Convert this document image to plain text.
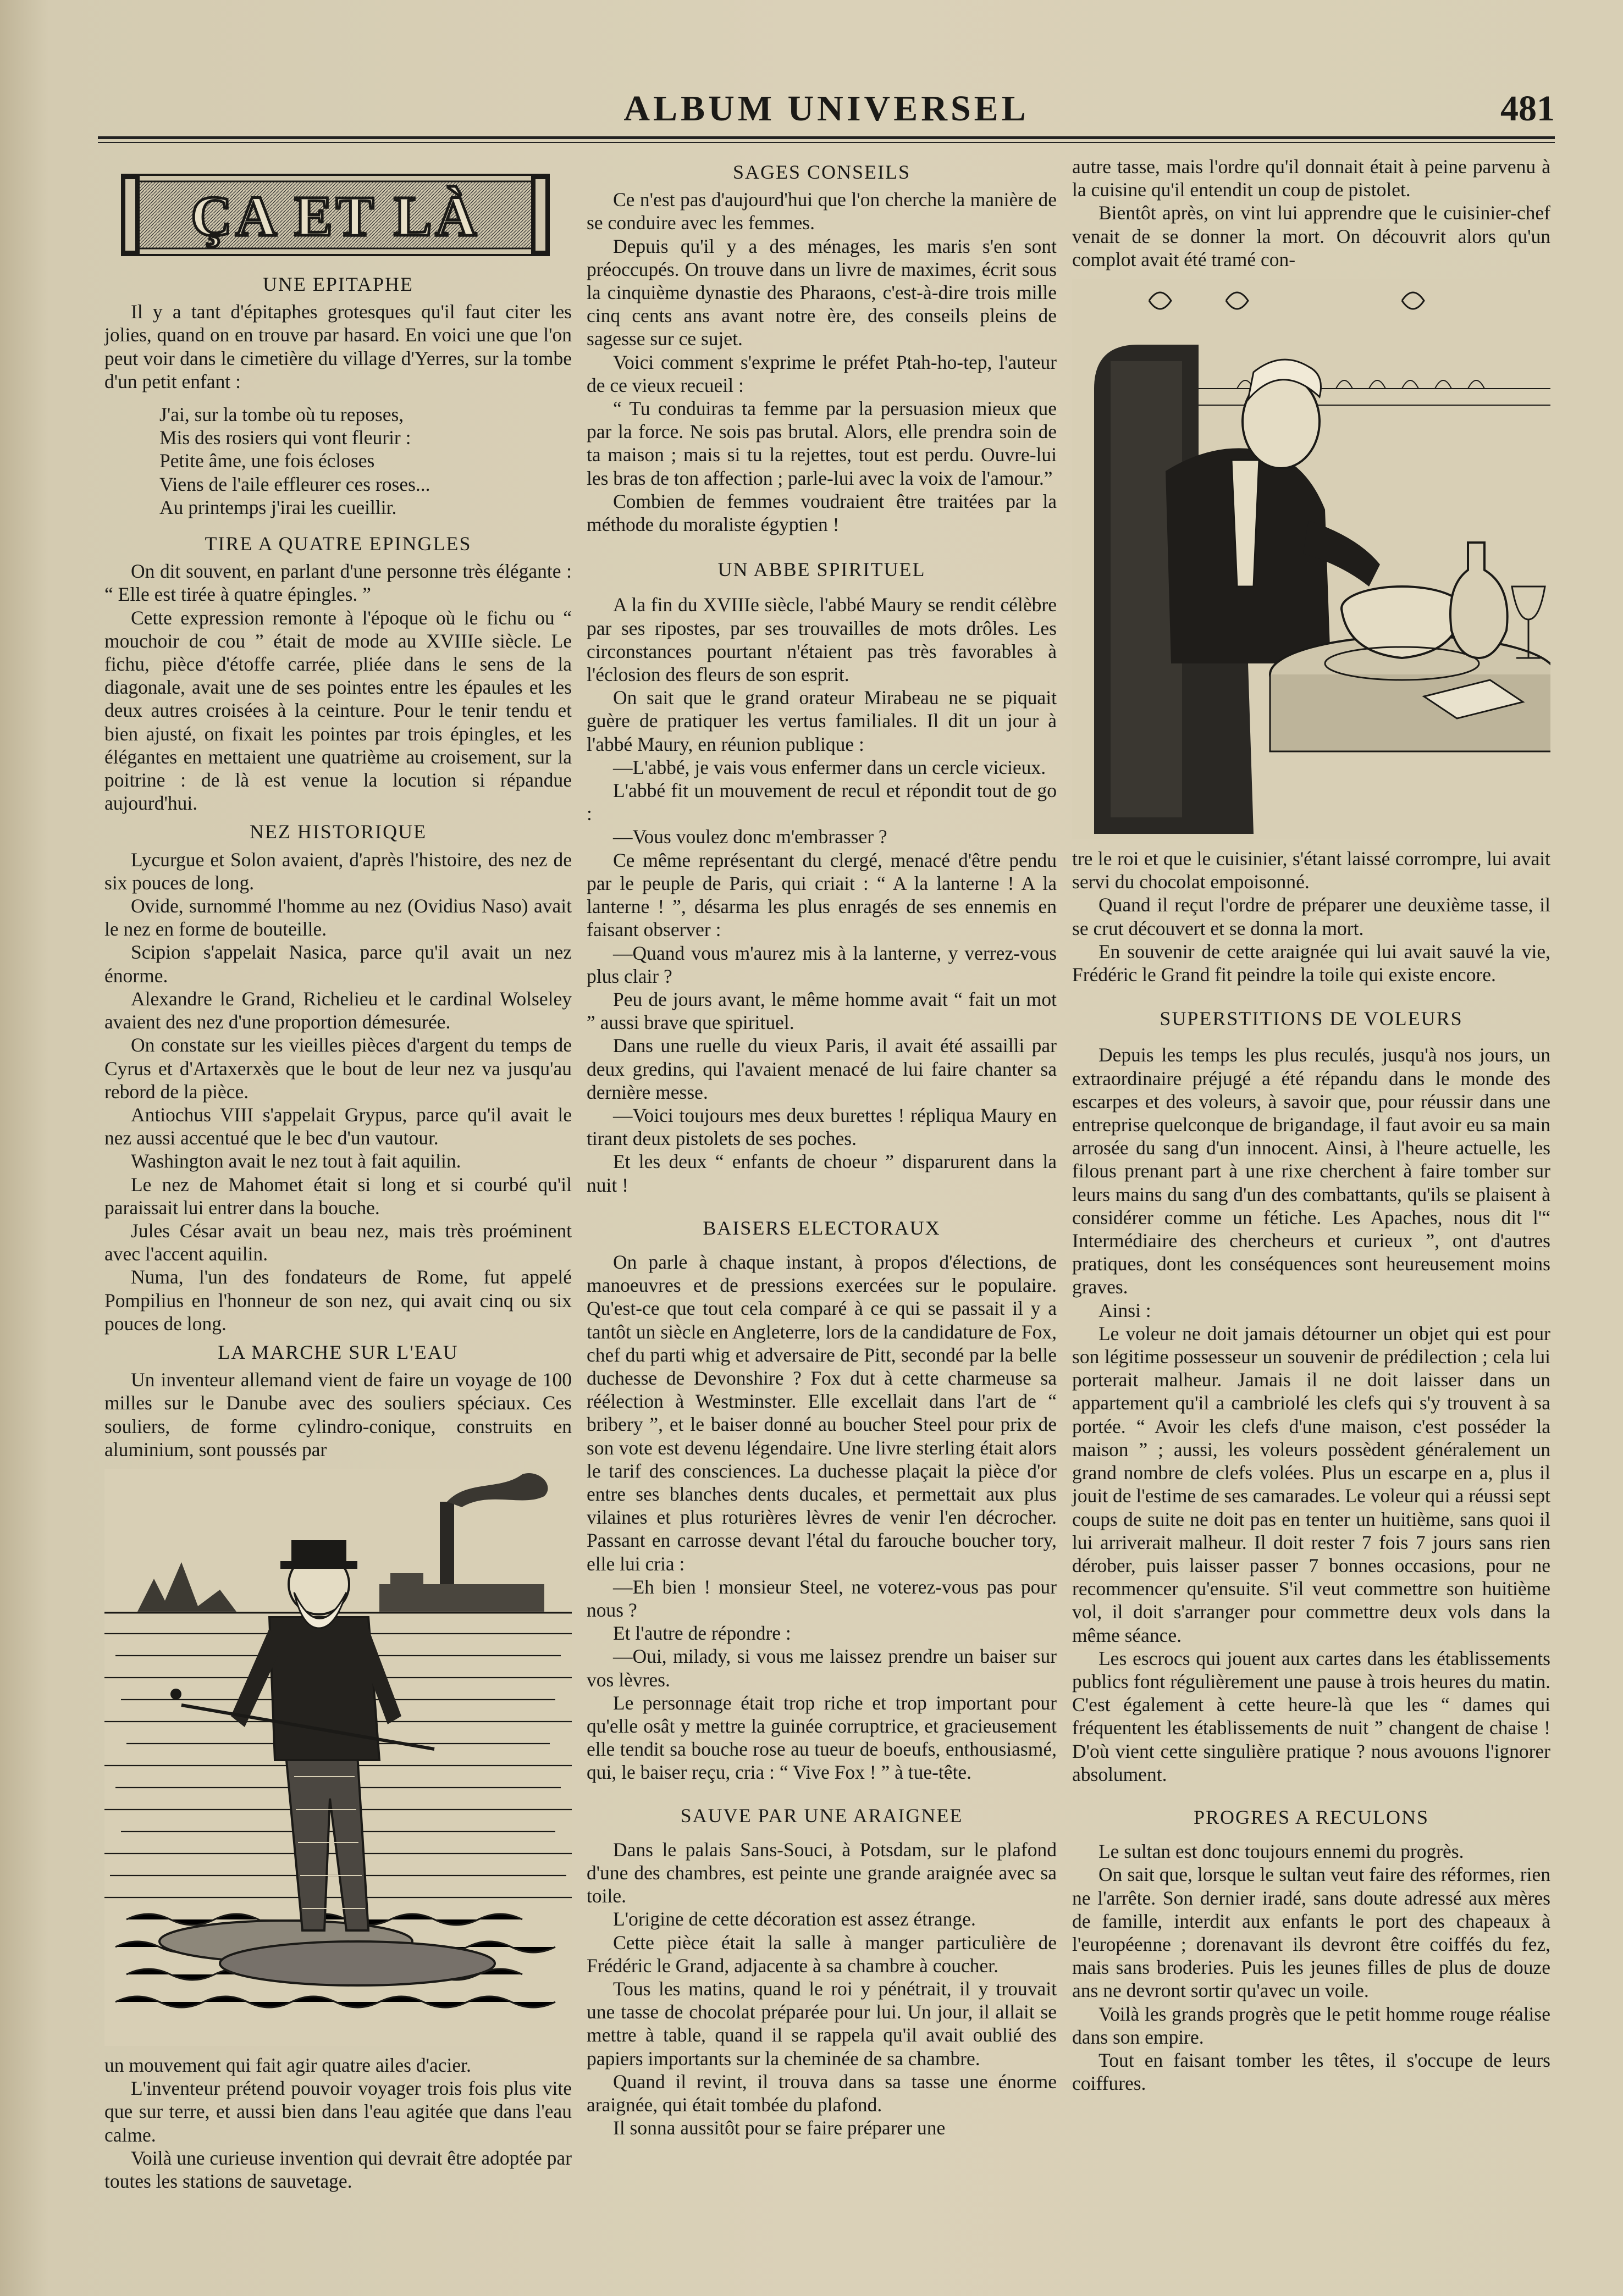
ALBUM UNIVERSEL	481
ÇA ET LÀ
UNE EPITAPHE

Il y a tant d'épitaphes grotesques qu'il faut citer les jolies, quand on en trouve par hasard. En voici une que l'on peut voir dans le cimetière du village d'Yerres, sur la tombe d'un petit enfant :

J'ai, sur la tombe où tu reposes,

Mis des rosiers qui vont fleurir :

Petite âme, une fois écloses

Viens de l'aile effleurer ces roses...

Au printemps j'irai les cueillir.

TIRE A QUATRE EPINGLES

On dit souvent, en parlant d'une personne très élégante : “ Elle est tirée à quatre épingles. ”

Cette expression remonte à l'époque où le fichu ou “ mouchoir de cou ” était de mode au XVIIIe siècle. Le fichu, pièce d'étoffe carrée, pliée dans le sens de la diagonale, avait une de ses pointes entre les épaules et les deux autres croisées à la ceinture. Pour le tenir tendu et bien ajusté, on fixait les pointes par trois épingles, et les élégantes en mettaient une quatrième au croisement, sur la poitrine : de là est venue la locution si répandue aujourd'hui.

NEZ HISTORIQUE

Lycurgue et Solon avaient, d'après l'histoire, des nez de six pouces de long.

Ovide, surnommé l'homme au nez (Ovidius Naso) avait le nez en forme de bouteille.

Scipion s'appelait Nasica, parce qu'il avait un nez énorme.

Alexandre le Grand, Richelieu et le cardinal Wolseley avaient des nez d'une proportion démesurée.

On constate sur les vieilles pièces d'argent du temps de Cyrus et d'Artaxerxès que le bout de leur nez va jusqu'au rebord de la pièce.

Antiochus VIII s'appelait Grypus, parce qu'il avait le nez aussi accentué que le bec d'un vautour.

Washington avait le nez tout à fait aquilin.

Le nez de Mahomet était si long et si courbé qu'il paraissait lui entrer dans la bouche.

Jules César avait un beau nez, mais très proéminent avec l'accent aquilin.

Numa, l'un des fondateurs de Rome, fut appelé Pompilius en l'honneur de son nez, qui avait cinq ou six pouces de long.

LA MARCHE SUR L'EAU

Un inventeur allemand vient de faire un voyage de 100 milles sur le Danube avec des souliers spéciaux. Ces souliers, de forme cylindro-conique, construits en aluminium, sont poussés par

un mouvement qui fait agir quatre ailes d'acier.

L'inventeur prétend pouvoir voyager trois fois plus vite que sur terre, et aussi bien dans l'eau agitée que dans l'eau calme.

Voilà une curieuse invention qui devrait être adoptée par toutes les stations de sauvetage.

SAGES CONSEILS

Ce n'est pas d'aujourd'hui que l'on cherche la manière de se conduire avec les femmes.

Depuis qu'il y a des ménages, les maris s'en sont préoccupés. On trouve dans un livre de maximes, écrit sous la cinquième dynastie des Pharaons, c'est-à-dire trois mille cinq cents ans avant notre ère, des conseils pleins de sagesse sur ce sujet.

Voici comment s'exprime le préfet Ptah-ho-tep, l'auteur de ce vieux recueil :

“ Tu conduiras ta femme par la persuasion mieux que par la force. Ne sois pas brutal. Alors, elle prendra soin de ta maison ; mais si tu la rejettes, tout est perdu. Ouvre-lui les bras de ton affection ; parle-lui avec la voix de l'amour.”

Combien de femmes voudraient être traitées par la méthode du moraliste égyptien !

UN ABBE SPIRITUEL

A la fin du XVIIIe siècle, l'abbé Maury se rendit célèbre par ses ripostes, par ses trouvailles de mots drôles. Les circonstances pourtant n'étaient pas très favorables à l'éclosion des fleurs de son esprit.

On sait que le grand orateur Mirabeau ne se piquait guère de pratiquer les vertus familiales. Il dit un jour à l'abbé Maury, en réunion publique :

—L'abbé, je vais vous enfermer dans un cercle vicieux.

L'abbé fit un mouvement de recul et répondit tout de go :

—Vous voulez donc m'embrasser ?

Ce même représentant du clergé, menacé d'être pendu par le peuple de Paris, qui criait : “ A la lanterne ! A la lanterne ! ”, désarma les plus enragés de ses ennemis en faisant observer :

—Quand vous m'aurez mis à la lanterne, y verrez-vous plus clair ?

Peu de jours avant, le même homme avait “ fait un mot ” aussi brave que spirituel.

Dans une ruelle du vieux Paris, il avait été assailli par deux gredins, qui l'avaient menacé de lui faire chanter sa dernière messe.

—Voici toujours mes deux burettes ! répliqua Maury en tirant deux pistolets de ses poches.

Et les deux “ enfants de choeur ” disparurent dans la nuit !

BAISERS ELECTORAUX

On parle à chaque instant, à propos d'élections, de manoeuvres et de pressions exercées sur le populaire. Qu'est-ce que tout cela comparé à ce qui se passait il y a tantôt un siècle en Angleterre, lors de la candidature de Fox, chef du parti whig et adversaire de Pitt, secondé par la belle duchesse de Devonshire ? Fox dut à cette charmeuse sa réélection à Westminster. Elle excellait dans l'art de “ bribery ”, et le baiser donné au boucher Steel pour prix de son vote est devenu légendaire. Une livre sterling était alors le tarif des consciences. La duchesse plaçait la pièce d'or entre ses blanches dents ducales, et permettait aux plus vilaines et plus roturières lèvres de venir l'en décrocher. Passant en carrosse devant l'étal du farouche boucher tory, elle lui cria :

—Eh bien ! monsieur Steel, ne voterez-vous pas pour nous ?

Et l'autre de répondre :

—Oui, milady, si vous me laissez prendre un baiser sur vos lèvres.

Le personnage était trop riche et trop important pour qu'elle osât y mettre la guinée corruptrice, et gracieusement elle tendit sa bouche rose au tueur de boeufs, enthousiasmé, qui, le baiser reçu, cria : “ Vive Fox ! ” à tue-tête.

SAUVE PAR UNE ARAIGNEE

Dans le palais Sans-Souci, à Potsdam, sur le plafond d'une des chambres, est peinte une grande araignée avec sa toile.

L'origine de cette décoration est assez étrange.

Cette pièce était la salle à manger particulière de Frédéric le Grand, adjacente à sa chambre à coucher.

Tous les matins, quand le roi y pénétrait, il y trouvait une tasse de chocolat préparée pour lui. Un jour, il allait se mettre à table, quand il se rappela qu'il avait oublié des papiers importants sur la cheminée de sa chambre.

Quand il revint, il trouva dans sa tasse une énorme araignée, qui était tombée du plafond.

Il sonna aussitôt pour se faire préparer une

autre tasse, mais l'ordre qu'il donnait était à peine parvenu à la cuisine qu'il entendit un coup de pistolet.

Bientôt après, on vint lui apprendre que le cuisinier-chef venait de se donner la mort. On découvrit alors qu'un complot avait été tramé con-

tre le roi et que le cuisinier, s'étant laissé corrompre, lui avait servi du chocolat empoisonné.

Quand il reçut l'ordre de préparer une deuxième tasse, il se crut découvert et se donna la mort.

En souvenir de cette araignée qui lui avait sauvé la vie, Frédéric le Grand fit peindre la toile qui existe encore.

SUPERSTITIONS DE VOLEURS

Depuis les temps les plus reculés, jusqu'à nos jours, un extraordinaire préjugé a été répandu dans le monde des escarpes et des voleurs, à savoir que, pour réussir dans une entreprise quelconque de brigandage, il faut avoir eu sa main arrosée du sang d'un innocent. Ainsi, à l'heure actuelle, les filous prenant part à une rixe cherchent à faire tomber sur leurs mains du sang d'un des combattants, qu'ils se plaisent à considérer comme un fétiche. Les Apaches, nous dit l'“ Intermédiaire des chercheurs et curieux ”, ont d'autres pratiques, dont les conséquences sont heureusement moins graves.

Ainsi :

Le voleur ne doit jamais détourner un objet qui est pour son légitime possesseur un souvenir de prédilection ; cela lui porterait malheur. Jamais il ne doit laisser dans un appartement qu'il a cambriolé les clefs qui s'y trouvent à sa portée. “ Avoir les clefs d'une maison, c'est posséder la maison ” ; aussi, les voleurs possèdent généralement un grand nombre de clefs volées. Plus un escarpe en a, plus il jouit de l'estime de ses camarades. Le voleur qui a réussi sept coups de suite ne doit pas en tenter un huitième, sans quoi il lui arriverait malheur. Il doit rester 7 fois 7 jours sans rien dérober, puis laisser passer 7 bonnes occasions, pour ne recommencer qu'ensuite. S'il veut commettre son huitième vol, il doit s'arranger pour commettre deux vols dans la même séance.

Les escrocs qui jouent aux cartes dans les établissements publics font régulièrement une pause à trois heures du matin. C'est également à cette heure-là que les “ dames qui fréquentent les établissements de nuit ” changent de chaise ! D'où vient cette singulière pratique ? nous avouons l'ignorer absolument.

PROGRES A RECULONS

Le sultan est donc toujours ennemi du progrès.

On sait que, lorsque le sultan veut faire des réformes, rien ne l'arrête. Son dernier iradé, sans doute adressé aux mères de famille, interdit aux enfants le port des chapeaux à l'européenne ; dorenavant ils devront être coiffés du fez, mais sans broderies. Puis les jeunes filles de plus de douze ans ne devront sortir qu'avec un voile.

Voilà les grands progrès que le petit homme rouge réalise dans son empire.

Tout en faisant tomber les têtes, il s'occupe de leurs coiffures.
